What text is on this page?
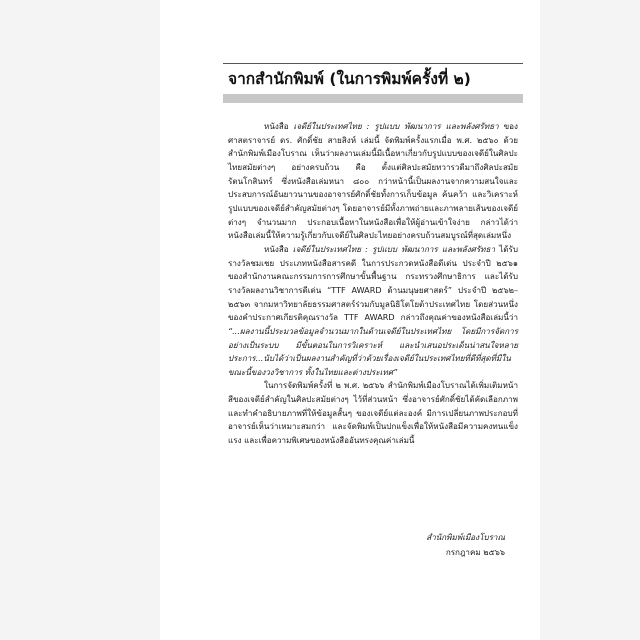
จากสำนักพิมพ์ (ในการพิมพ์ครั้งที่ ๒)

หนังสือ เจดีย์ในประเทศไทย : รูปแบบ พัฒนาการ และพลังศรัทธา ของศาสตราจารย์ ดร. ศักดิ์ชัย สายสิงห์ เล่มนี้ จัดพิมพ์ครั้งแรกเมื่อ พ.ศ. ๒๕๖๐ ด้วยสำนักพิมพ์เมืองโบราณ เห็นว่าผลงานเล่มนี้มีเนื้อหาเกี่ยวกับรูปแบบของเจดีย์ในศิลปะไทยสมัยต่างๆ อย่างครบถ้วน คือ ตั้งแต่ศิลปะสมัยทวารวดีมาถึงศิลปะสมัยรัตนโกสินทร์ ซึ่งหนังสือเล่มหนา ๘๐๐ กว่าหน้านี้เป็นผลงานจากความสนใจและประสบการณ์อันยาวนานของอาจารย์ศักดิ์ชัยทั้งการเก็บข้อมูล ค้นคว้า และวิเคราะห์รูปแบบของเจดีย์สำคัญสมัยต่างๆ โดยอาจารย์มีทั้งภาพถ่ายและภาพลายเส้นของเจดีย์ต่างๆ จำนวนมาก ประกอบเนื้อหาในหนังสือเพื่อให้ผู้อ่านเข้าใจง่าย กล่าวได้ว่าหนังสือเล่มนี้ให้ความรู้เกี่ยวกับเจดีย์ในศิลปะไทยอย่างครบถ้วนสมบูรณ์ที่สุดเล่มหนึ่ง

หนังสือ เจดีย์ในประเทศไทย : รูปแบบ พัฒนาการ และพลังศรัทธา ได้รับรางวัลชมเชย ประเภทหนังสือสารคดี ในการประกวดหนังสือดีเด่น ประจำปี ๒๕๖๑ ของสำนักงานคณะกรรมการการศึกษาขั้นพื้นฐาน กระทรวงศึกษาธิการ และได้รับรางวัลผลงานวิชาการดีเด่น “TTF AWARD ด้านมนุษยศาสตร์” ประจำปี ๒๕๖๒–๒๕๖๓ จากมหาวิทยาลัยธรรมศาสตร์ร่วมกับมูลนิธิโตโยต้าประเทศไทย โดยส่วนหนึ่งของคำประกาศเกียรติคุณรางวัล TTF AWARD กล่าวถึงคุณค่าของหนังสือเล่มนี้ว่า “...ผลงานนี้ประมวลข้อมูลจำนวนมากในด้านเจดีย์ในประเทศไทย โดยมีการจัดการอย่างเป็นระบบ มีขั้นตอนในการวิเคราะห์ และนำเสนอประเด็นน่าสนใจหลายประการ...นับได้ว่าเป็นผลงานสำคัญที่ว่าด้วยเรื่องเจดีย์ในประเทศไทยที่ดีที่สุดที่มีในขณะนี้ของวงวิชาการ ทั้งในไทยและต่างประเทศ”

ในการจัดพิมพ์ครั้งที่ ๒ พ.ศ. ๒๕๖๖ สำนักพิมพ์เมืองโบราณได้เพิ่มเติมหน้าสีของเจดีย์สำคัญในศิลปะสมัยต่างๆ ไว้ที่ส่วนหน้า ซึ่งอาจารย์ศักดิ์ชัยได้คัดเลือกภาพและทำคำอธิบายภาพที่ให้ข้อมูลสั้นๆ ของเจดีย์แต่ละองค์ มีการเปลี่ยนภาพประกอบที่อาจารย์เห็นว่าเหมาะสมกว่า และจัดพิมพ์เป็นปกแข็งเพื่อให้หนังสือมีความคงทนแข็งแรง และเพื่อความพิเศษของหนังสืออันทรงคุณค่าเล่มนี้

สำนักพิมพ์เมืองโบราณ
กรกฎาคม ๒๕๖๖
